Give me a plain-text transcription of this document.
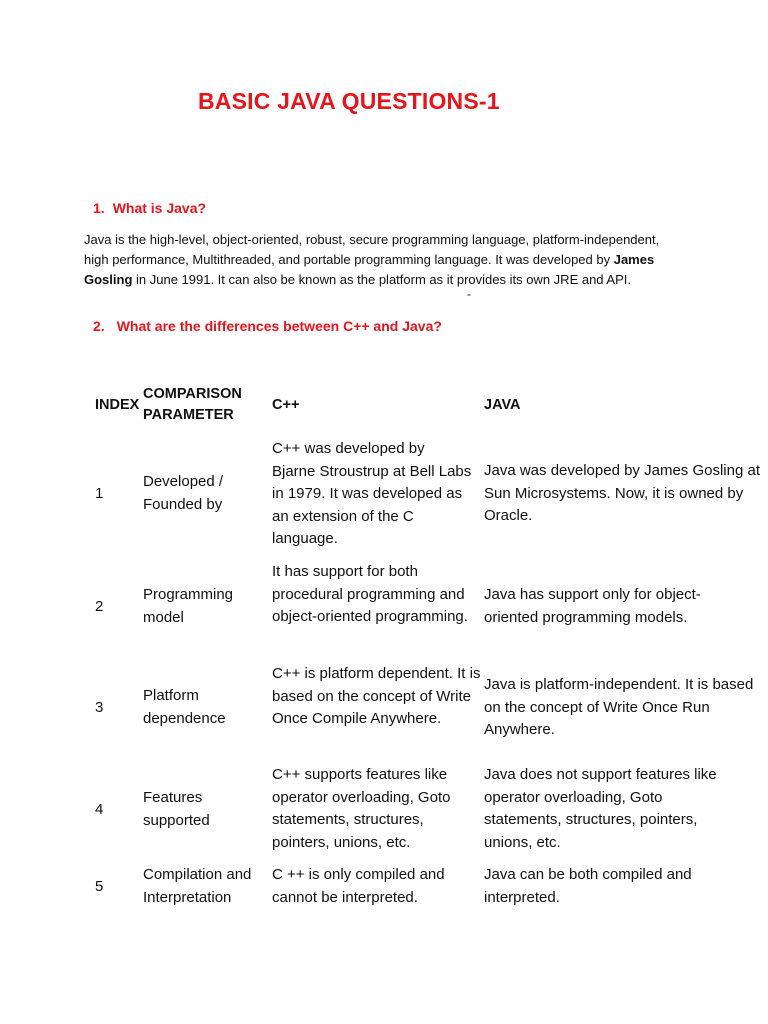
BASIC JAVA QUESTIONS-1
1. What is Java?
Java is the high-level, object-oriented, robust, secure programming language, platform-independent, high performance, Multithreaded, and portable programming language. It was developed by James Gosling in June 1991. It can also be known as the platform as it provides its own JRE and API.
-
2. What are the differences between C++ and Java?
INDEX
COMPARISON PARAMETER
C++	JAVA
1
Developed / Founded by
C++ was developed by Bjarne Stroustrup at Bell Labs in 1979. It was developed as an extension of the C language.
Java was developed by James Gosling at Sun Microsystems. Now, it is owned by Oracle.
2
Programming model
It has support for both procedural programming and object-oriented programming.
Java has support only for object-oriented programming models.
3
Platform dependence
C++ is platform dependent. It is based on the concept of Write Once Compile Anywhere.
Java is platform-independent. It is based on the concept of Write Once Run Anywhere.
4
Features supported
C++ supports features like operator overloading, Goto statements, structures, pointers, unions, etc.
Java does not support features like operator overloading, Goto statements, structures, pointers, unions, etc.
5
Compilation and Interpretation
C ++ is only compiled and cannot be interpreted.
Java can be both compiled and interpreted.
